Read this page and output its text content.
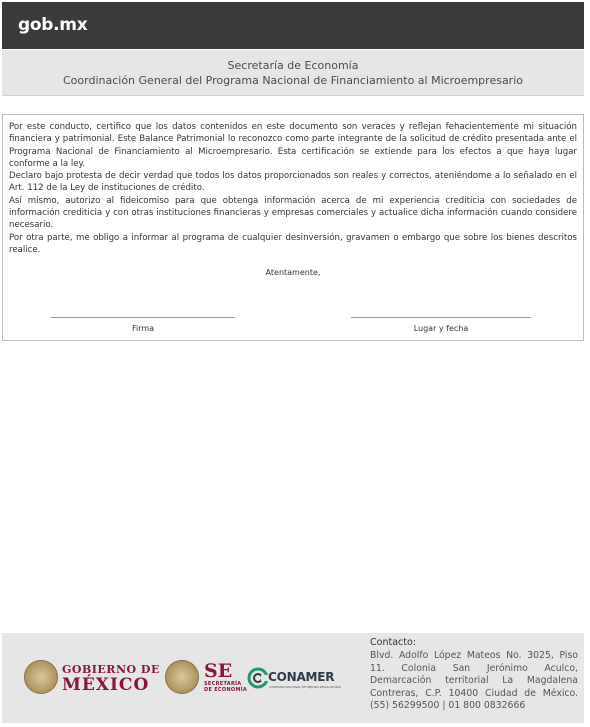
gob.mx
Secretaría de Economía
Coordinación General del Programa Nacional de Financiamiento al Microempresario

Por este conducto, certifico que los datos contenidos en este documento son veraces y reflejan fehacientemente mi situación financiera y patrimonial. Este Balance Patrimonial lo reconozco como parte integrante de la solicitud de crédito presentada ante el Programa Nacional de Financiamiento al Microempresario. Esta certificación se extiende para los efectos a que haya lugar conforme a la ley.

Declaro bajo protesta de decir verdad que todos los datos proporcionados son reales y correctos, ateniéndome a lo señalado en el Art. 112 de la Ley de instituciones de crédito.

Así mismo, autorizo al fideicomiso para que obtenga información acerca de mi experiencia crediticia con sociedades de información crediticia y con otras instituciones financieras y empresas comerciales y actualice dicha información cuando considere necesario.

Por otra parte, me obligo a informar al programa de cualquier desinversión, gravamen o embargo que sobre los bienes descritos realice.

Atentamente,
Firma	Lugar y fecha
GOBIERNO DE
MÉXICO
SE
SECRETARÍA
DE ECONOMÍA
CONAMER
COMISIÓN NACIONAL DE MEJORA REGULATORIA
Contacto:
Blvd. Adolfo López Mateos No. 3025, Piso 11. Colonia San Jerónimo Aculco, Demarcación territorial La Magdalena Contreras, C.P. 10400 Ciudad de México. (55) 56299500 | 01 800 0832666
